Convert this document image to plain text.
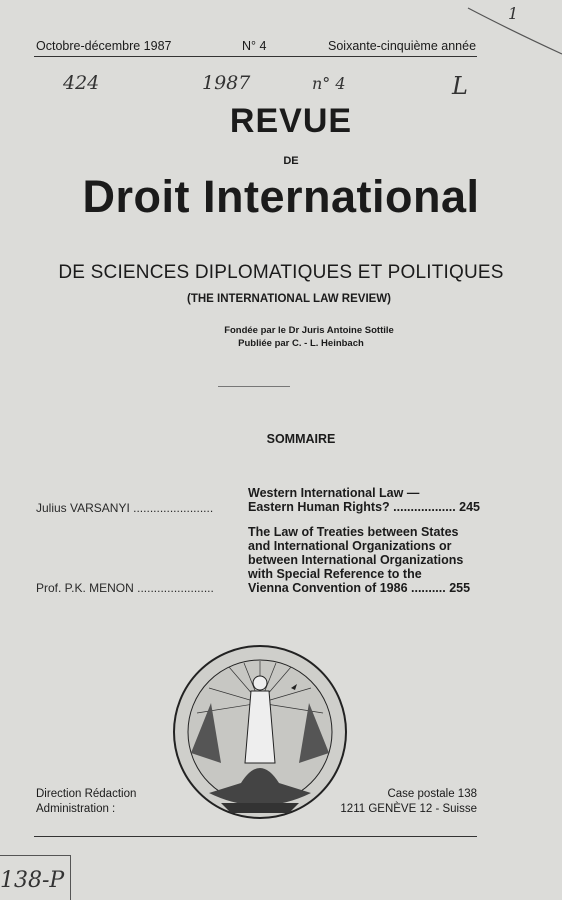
Octobre-décembre 1987	N° 4	Soixante-cinquième année
1
424	1987	n° 4	L
REVUE
DE
Droit International
DE SCIENCES DIPLOMATIQUES ET POLITIQUES
(THE INTERNATIONAL LAW REVIEW)
Fondée par le Dr Juris Antoine Sottile
Publiée par C. - L. Heinbach
SOMMAIRE
Julius VARSANYI ........................
Western International Law —
Eastern Human Rights? .................. 245
Prof. P.K. MENON .......................
The Law of Treaties between States
and International Organizations or
between International Organizations
with Special Reference to the
Vienna Convention of 1986 .......... 255
Direction Rédaction
Administration :
Case postale 138
1211 GENÈVE 12 - Suisse
138-P
